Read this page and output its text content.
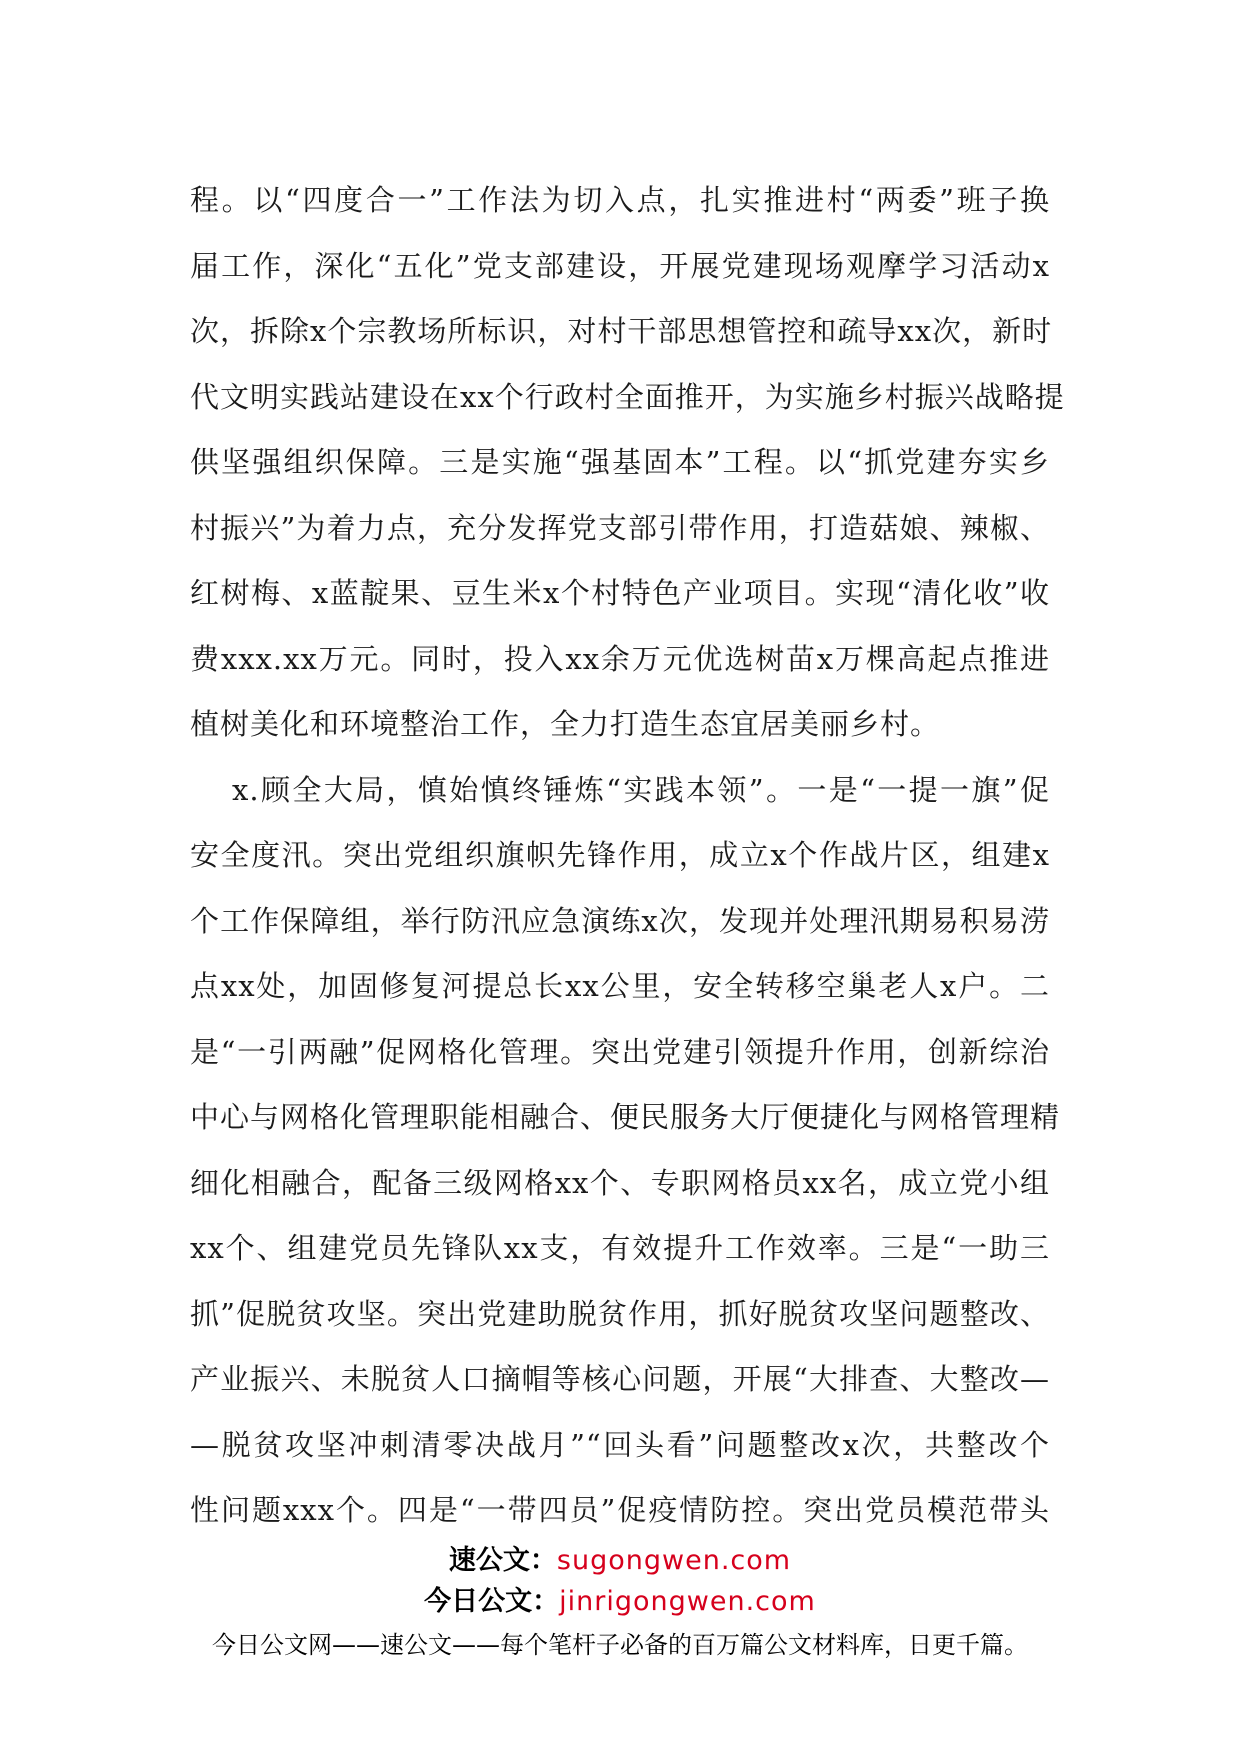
程。以“四度合一”工作法为切入点，扎实推进村“两委”班子换
届工作，深化“五化”党支部建设，开展党建现场观摩学习活动x
次，拆除x个宗教场所标识，对村干部思想管控和疏导xx次，新时
代文明实践站建设在xx个行政村全面推开，为实施乡村振兴战略提
供坚强组织保障。三是实施“强基固本”工程。以“抓党建夯实乡
村振兴”为着力点，充分发挥党支部引带作用，打造菇娘、辣椒、
红树梅、x蓝靛果、豆生米x个村特色产业项目。实现“清化收”收
费xxx.xx万元。同时，投入xx余万元优选树苗x万棵高起点推进
植树美化和环境整治工作，全力打造生态宜居美丽乡村。
x.顾全大局，慎始慎终锤炼“实践本领”。一是“一提一旗”促
安全度汛。突出党组织旗帜先锋作用，成立x个作战片区，组建x
个工作保障组，举行防汛应急演练x次，发现并处理汛期易积易涝
点xx处，加固修复河提总长xx公里，安全转移空巢老人x户。二
是“一引两融”促网格化管理。突出党建引领提升作用，创新综治
中心与网格化管理职能相融合、便民服务大厅便捷化与网格管理精
细化相融合，配备三级网格xx个、专职网格员xx名，成立党小组
xx个、组建党员先锋队xx支，有效提升工作效率。三是“一助三
抓”促脱贫攻坚。突出党建助脱贫作用，抓好脱贫攻坚问题整改、
产业振兴、未脱贫人口摘帽等核心问题，开展“大排查、大整改—
—脱贫攻坚冲刺清零决战月”“回头看”问题整改x次，共整改个
性问题xxx个。四是“一带四员”促疫情防控。突出党员模范带头
速公文：sugongwen.com
今日公文：jinrigongwen.com
今日公文网——速公文——每个笔杆子必备的百万篇公文材料库，日更千篇。
